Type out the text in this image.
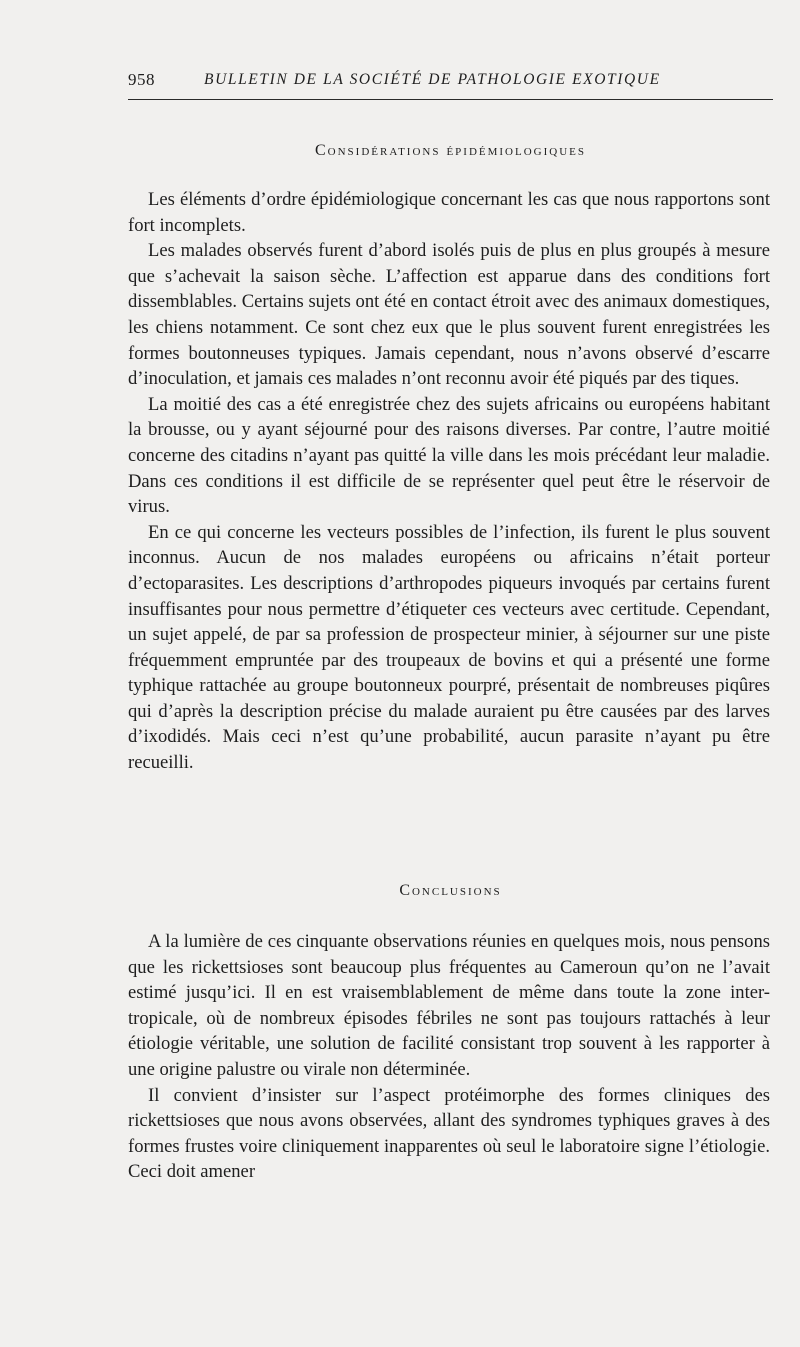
958	BULLETIN DE LA SOCIÉTÉ DE PATHOLOGIE EXOTIQUE
Considérations épidémiologiques

Les éléments d’ordre épidémiologique concernant les cas que nous rapportons sont fort incomplets.

Les malades observés furent d’abord isolés puis de plus en plus groupés à mesure que s’achevait la saison sèche. L’affection est apparue dans des conditions fort dissemblables. Certains sujets ont été en contact étroit avec des animaux domestiques, les chiens notamment. Ce sont chez eux que le plus souvent furent enregistrées les formes boutonneuses typiques. Jamais cependant, nous n’avons observé d’escarre d’inoculation, et jamais ces malades n’ont reconnu avoir été piqués par des tiques.

La moitié des cas a été enregistrée chez des sujets africains ou européens habitant la brousse, ou y ayant séjourné pour des raisons diverses. Par contre, l’autre moitié concerne des citadins n’ayant pas quitté la ville dans les mois précédant leur maladie. Dans ces conditions il est difficile de se représenter quel peut être le réservoir de virus.

En ce qui concerne les vecteurs possibles de l’infection, ils furent le plus souvent inconnus. Aucun de nos malades européens ou africains n’était porteur d’ectoparasites. Les descriptions d’arthropodes piqueurs invoqués par certains furent insuffisantes pour nous permettre d’étiqueter ces vecteurs avec certitude. Cependant, un sujet appelé, de par sa profession de prospecteur minier, à séjourner sur une piste fréquemment empruntée par des troupeaux de bovins et qui a présenté une forme typhique rattachée au groupe boutonneux pourpré, présentait de nombreuses piqûres qui d’après la description précise du malade auraient pu être causées par des larves d’ixodidés. Mais ceci n’est qu’une probabilité, aucun parasite n’ayant pu être recueilli.

Conclusions

A la lumière de ces cinquante observations réunies en quelques mois, nous pensons que les rickettsioses sont beaucoup plus fréquentes au Cameroun qu’on ne l’avait estimé jusqu’ici. Il en est vraisemblablement de même dans toute la zone inter-tropicale, où de nombreux épisodes fébriles ne sont pas toujours rattachés à leur étiologie véritable, une solution de facilité consistant trop souvent à les rapporter à une origine palustre ou virale non déterminée.

Il convient d’insister sur l’aspect protéimorphe des formes cliniques des rickettsioses que nous avons observées, allant des syndromes typhiques graves à des formes frustes voire cliniquement inapparentes où seul le laboratoire signe l’étiologie. Ceci doit amener
